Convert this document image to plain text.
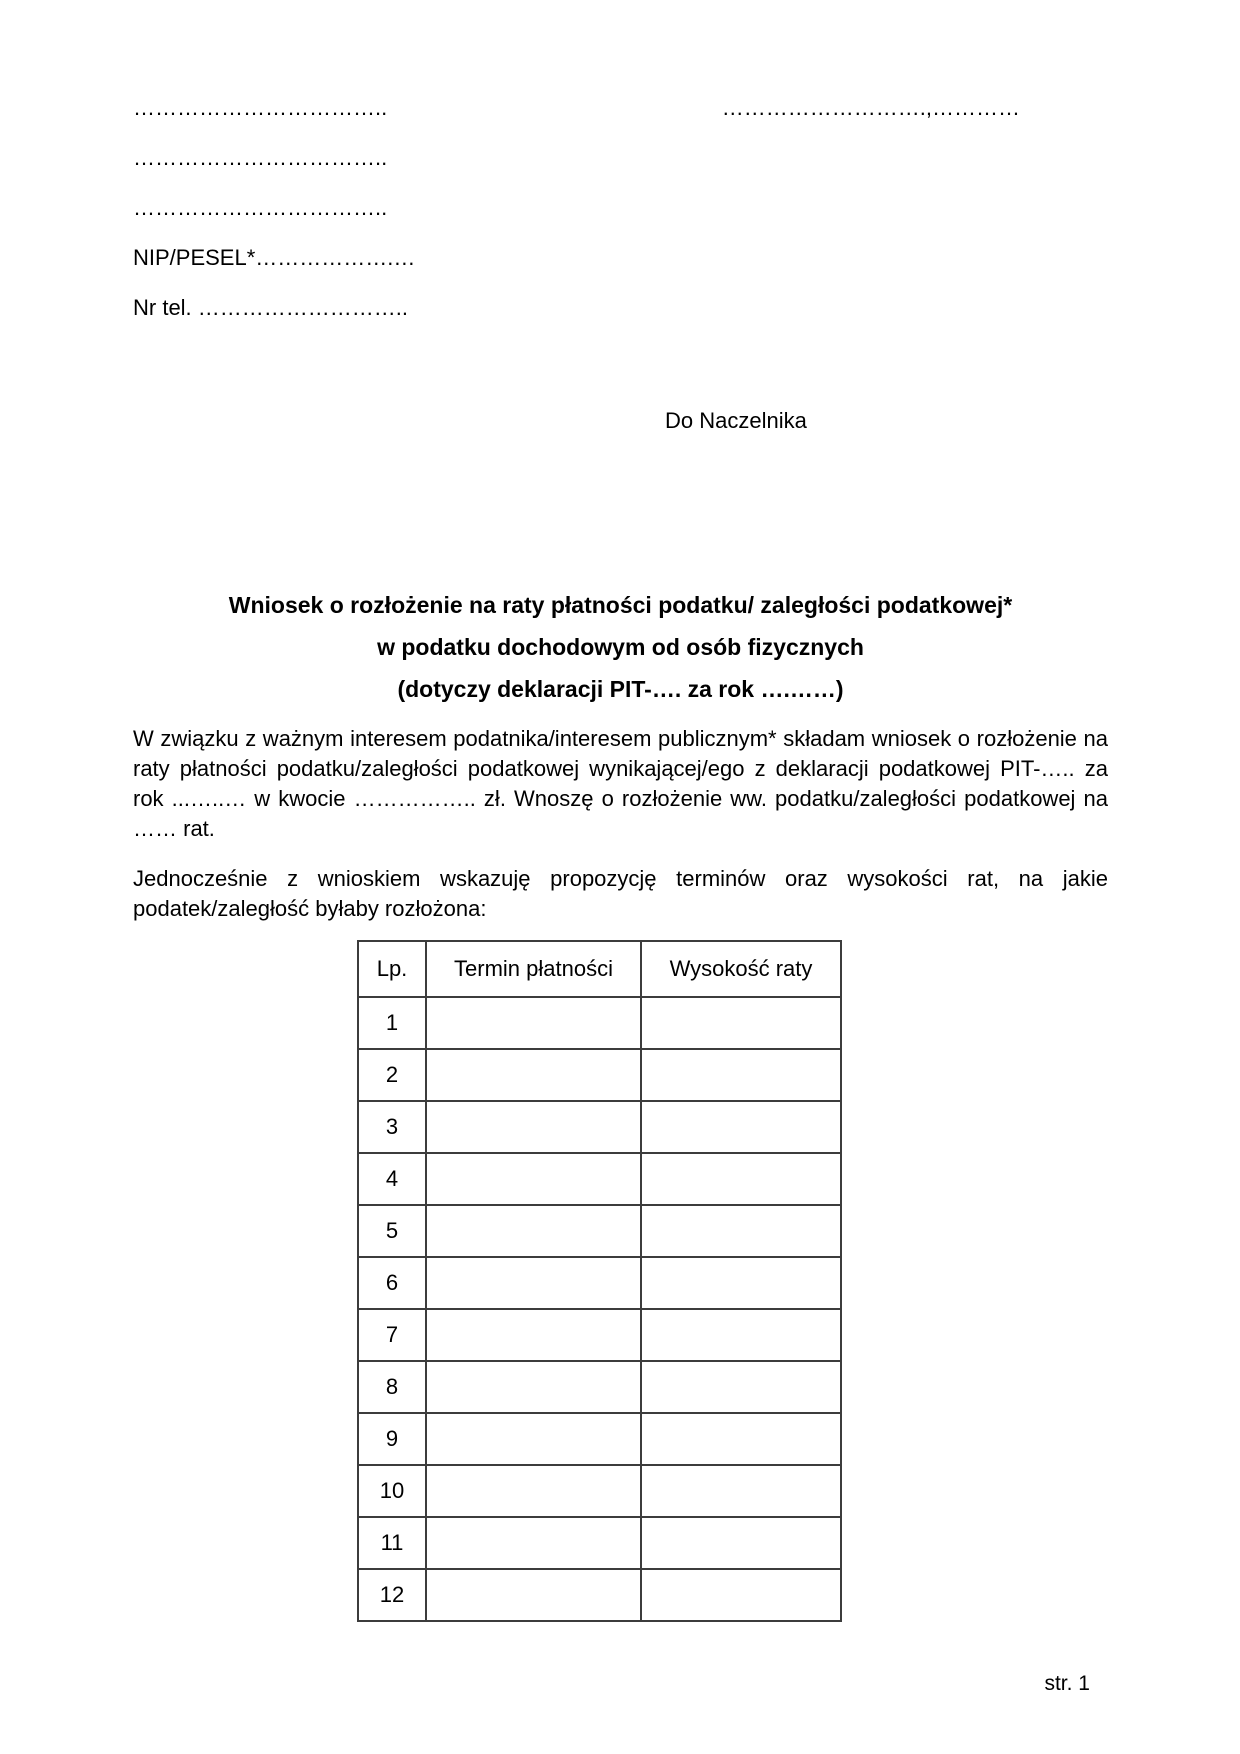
……………………………..
……………………………..
……………………………..
NIP/PESEL*……………….…
Nr tel. ………………………..
……………………….,…………
Do Naczelnika
Wniosek o rozłożenie na raty płatności podatku/ zaległości podatkowej*
w podatku dochodowym od osób fizycznych
(dotyczy deklaracji PIT-…. za rok ….……)

W związku z ważnym interesem podatnika/interesem publicznym* składam wniosek o rozłożenie na raty płatności podatku/zaległości podatkowej wynikającej/ego z deklaracji podatkowej PIT-….. za rok ...…..… w kwocie …………….. zł. Wnoszę o rozłożenie ww. podatku/zaległości podatkowej na …… rat.

Jednocześnie z wnioskiem wskazuję propozycję terminów oraz wysokości rat, na jakie podatek/zaległość byłaby rozłożona:

Lp.	Termin płatności	Wysokość raty
1		
2		
3		
4		
5		
6		
7		
8		
9		
10		
11		
12		
str. 1
